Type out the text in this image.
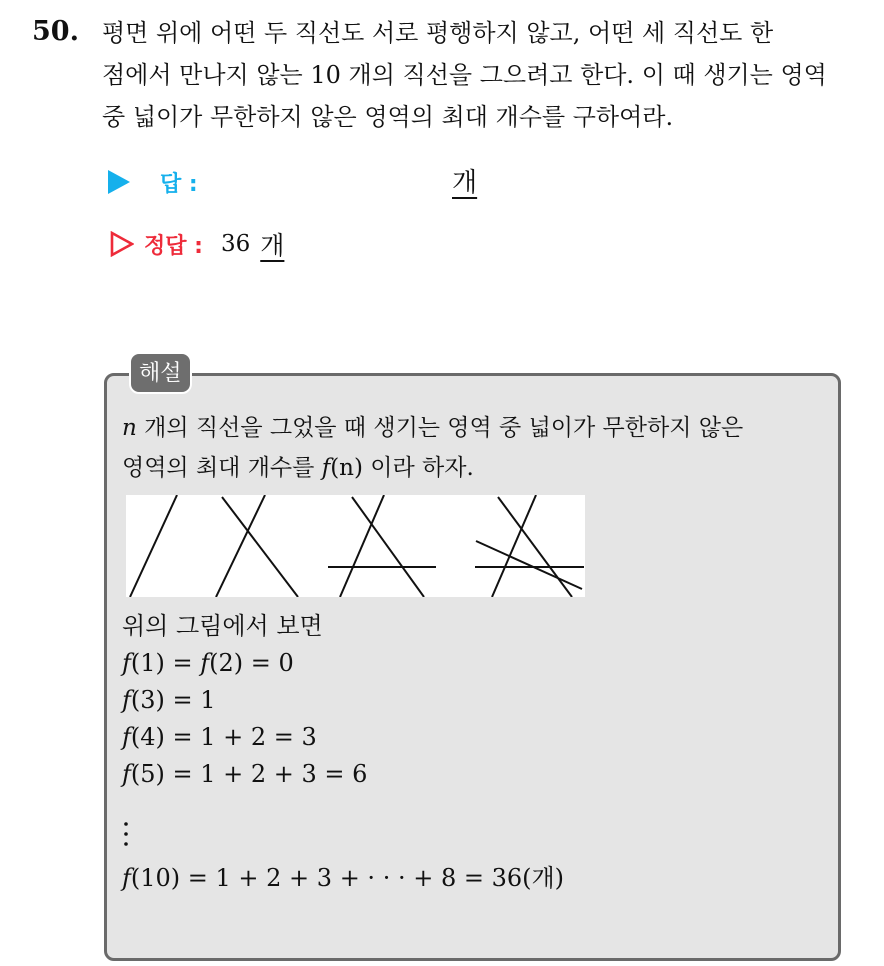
50. 평면 위에 어떤 두 직선도 서로 평행하지 않고, 어떤 세 직선도 한
점에서 만나지 않는 10 개의 직선을 그으려고 한다. 이 때 생기는 영역
중 넓이가 무한하지 않은 영역의 최대 개수를 구하여라.
답 :	개
정답 : 36 개
해설
n 개의 직선을 그었을 때 생기는 영역 중 넓이가 무한하지 않은
영역의 최대 개수를 f(n) 이라 하자.
위의 그림에서 보면
f(1) = f(2) = 0
f(3) = 1
f(4) = 1 + 2 = 3
f(5) = 1 + 2 + 3 = 6
f(10) = 1 + 2 + 3 + · · · + 8 = 36(개)
